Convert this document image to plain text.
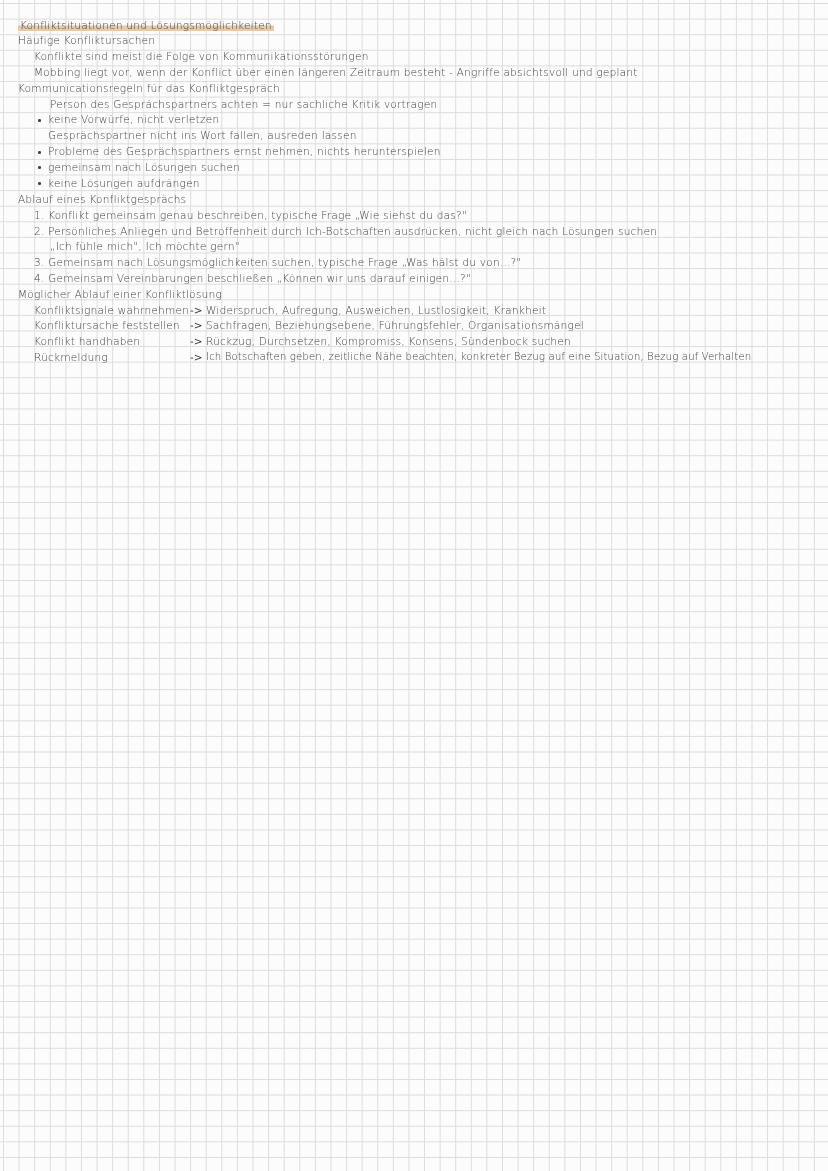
Konfliktsituationen und Lösungsmöglichkeiten
Häufige Konfliktursachen
Konflikte sind meist die Folge von Kommunikationsstörungen
Mobbing liegt vor, wenn der Konflict über einen längeren Zeitraum besteht - Angriffe absichtsvoll und geplant
Kommunicationsregeln für das Konfliktgespräch
Person des Gesprächspartners achten = nur sachliche Kritik vortragen
keine Vorwürfe, nicht verletzen
Gesprächspartner nicht ins Wort fallen, ausreden lassen
Probleme des Gesprächspartners ernst nehmen, nichts herunterspielen
gemeinsam nach Lösungen suchen
keine Lösungen aufdrängen
Ablauf eines Konfliktgesprächs
1. Konflikt gemeinsam genau beschreiben, typische Frage „Wie siehst du das?"
2. Persönliches Anliegen und Betroffenheit durch Ich-Botschaften ausdrücken, nicht gleich nach Lösungen suchen
„Ich fühle mich", Ich möchte gern"
3. Gemeinsam nach Lösungsmöglichkeiten suchen, typische Frage „Was hälst du von...?"
4. Gemeinsam Vereinbarungen beschließen „Können wir uns darauf einigen...?"
Möglicher Ablauf einer Konfliktlösung
Konfliktsignale wahrnehmen -> Widerspruch, Aufregung, Ausweichen, Lustlosigkeit, Krankheit
Konfliktursache feststellen -> Sachfragen, Beziehungsebene, Führungsfehler, Organisationsmängel
Konflikt handhaben	-> Rückzug, Durchsetzen, Kompromiss, Konsens, Sündenbock suchen
Rückmeldung	-> Ich Botschaften geben, zeitliche Nähe beachten, konkreter Bezug auf eine Situation, Bezug auf Verhalten
